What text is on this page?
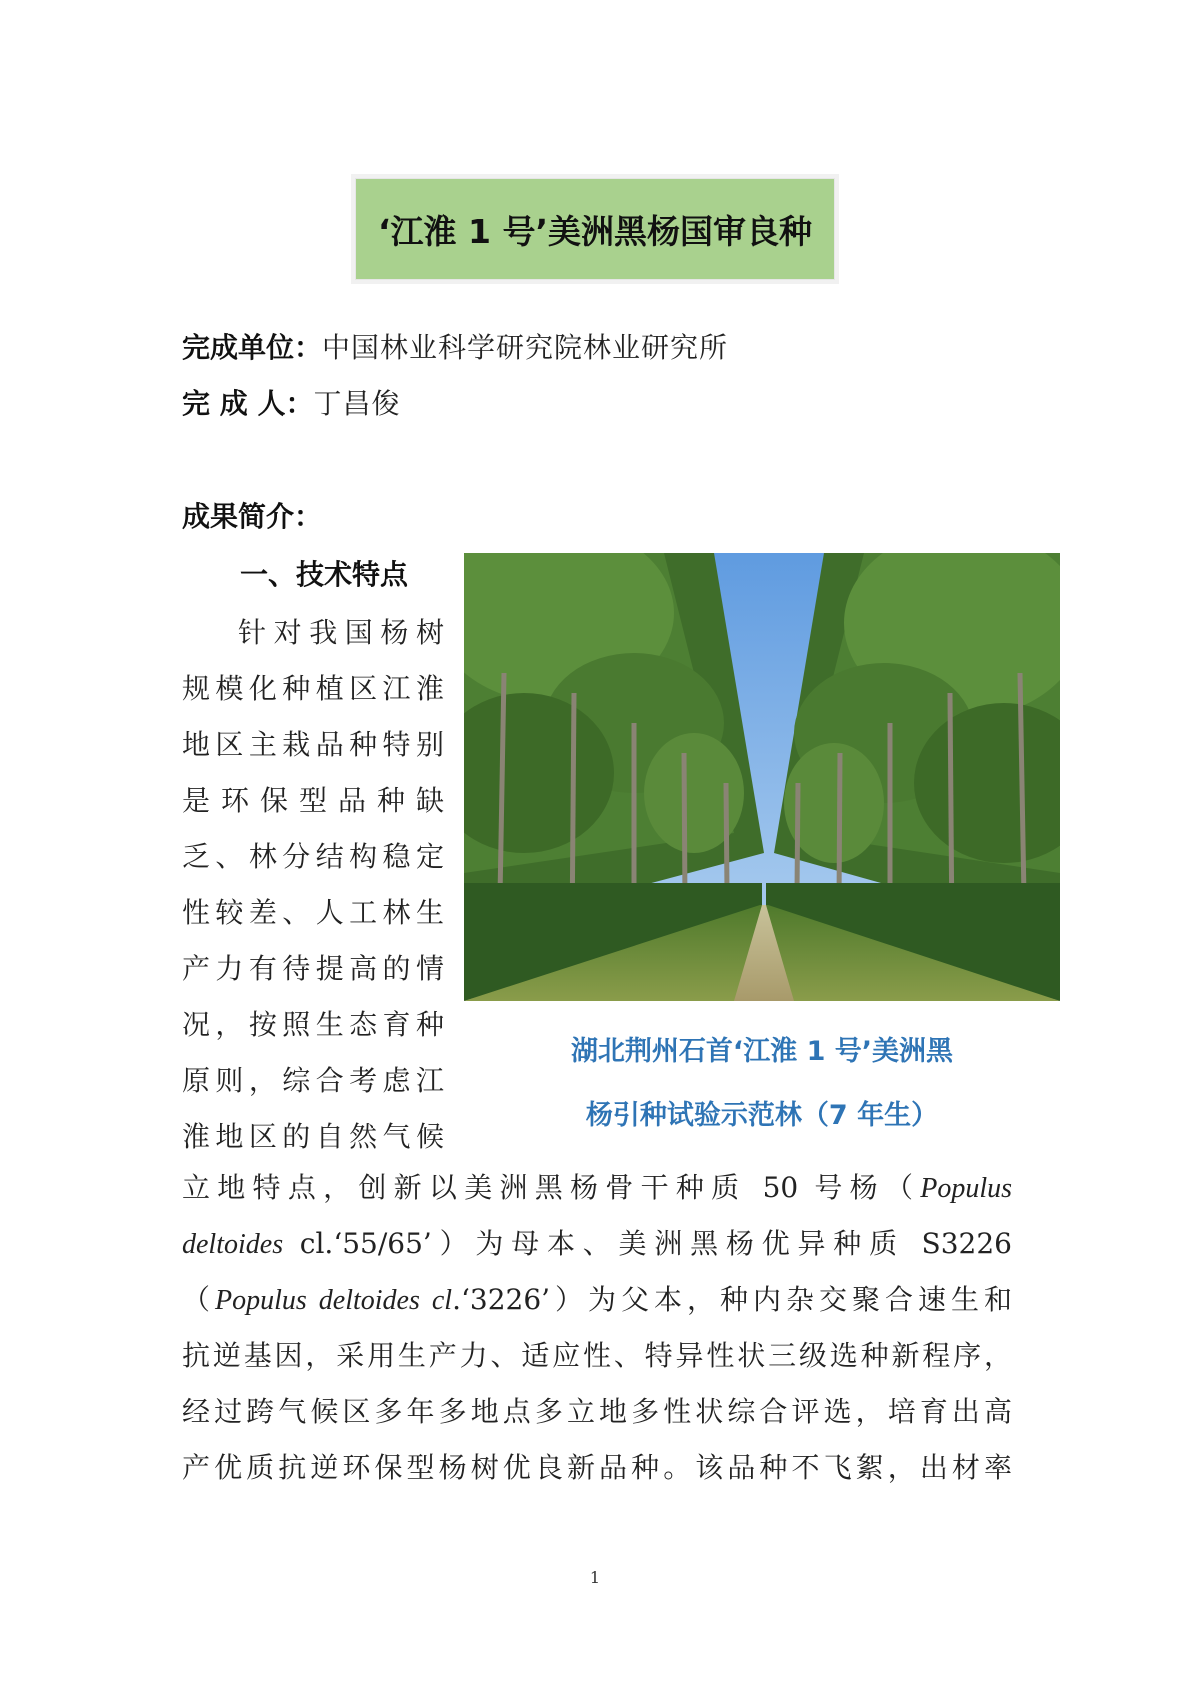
‘江淮 1 号’美洲黑杨国审良种
完成单位：中国林业科学研究院林业研究所
完 成 人：丁昌俊
成果简介：
一、技术特点
针对我国杨树
规模化种植区江淮
地区主栽品种特别
是环保型品种缺
乏、林分结构稳定
性较差、人工林生
产力有待提高的情
况，按照生态育种
原则，综合考虑江
淮地区的自然气候
湖北荆州石首‘江淮 1 号’美洲黑
杨引种试验示范林（7 年生）
立地特点，创新以美洲黑杨骨干种质 50 号杨（Populus
deltoides cl.‘55/65’）为母本、美洲黑杨优异种质 S3226
（Populus deltoides cl.‘3226’）为父本，种内杂交聚合速生和
抗逆基因，采用生产力、适应性、特异性状三级选种新程序，
经过跨气候区多年多地点多立地多性状综合评选，培育出高
产优质抗逆环保型杨树优良新品种。该品种不飞絮，出材率
1
